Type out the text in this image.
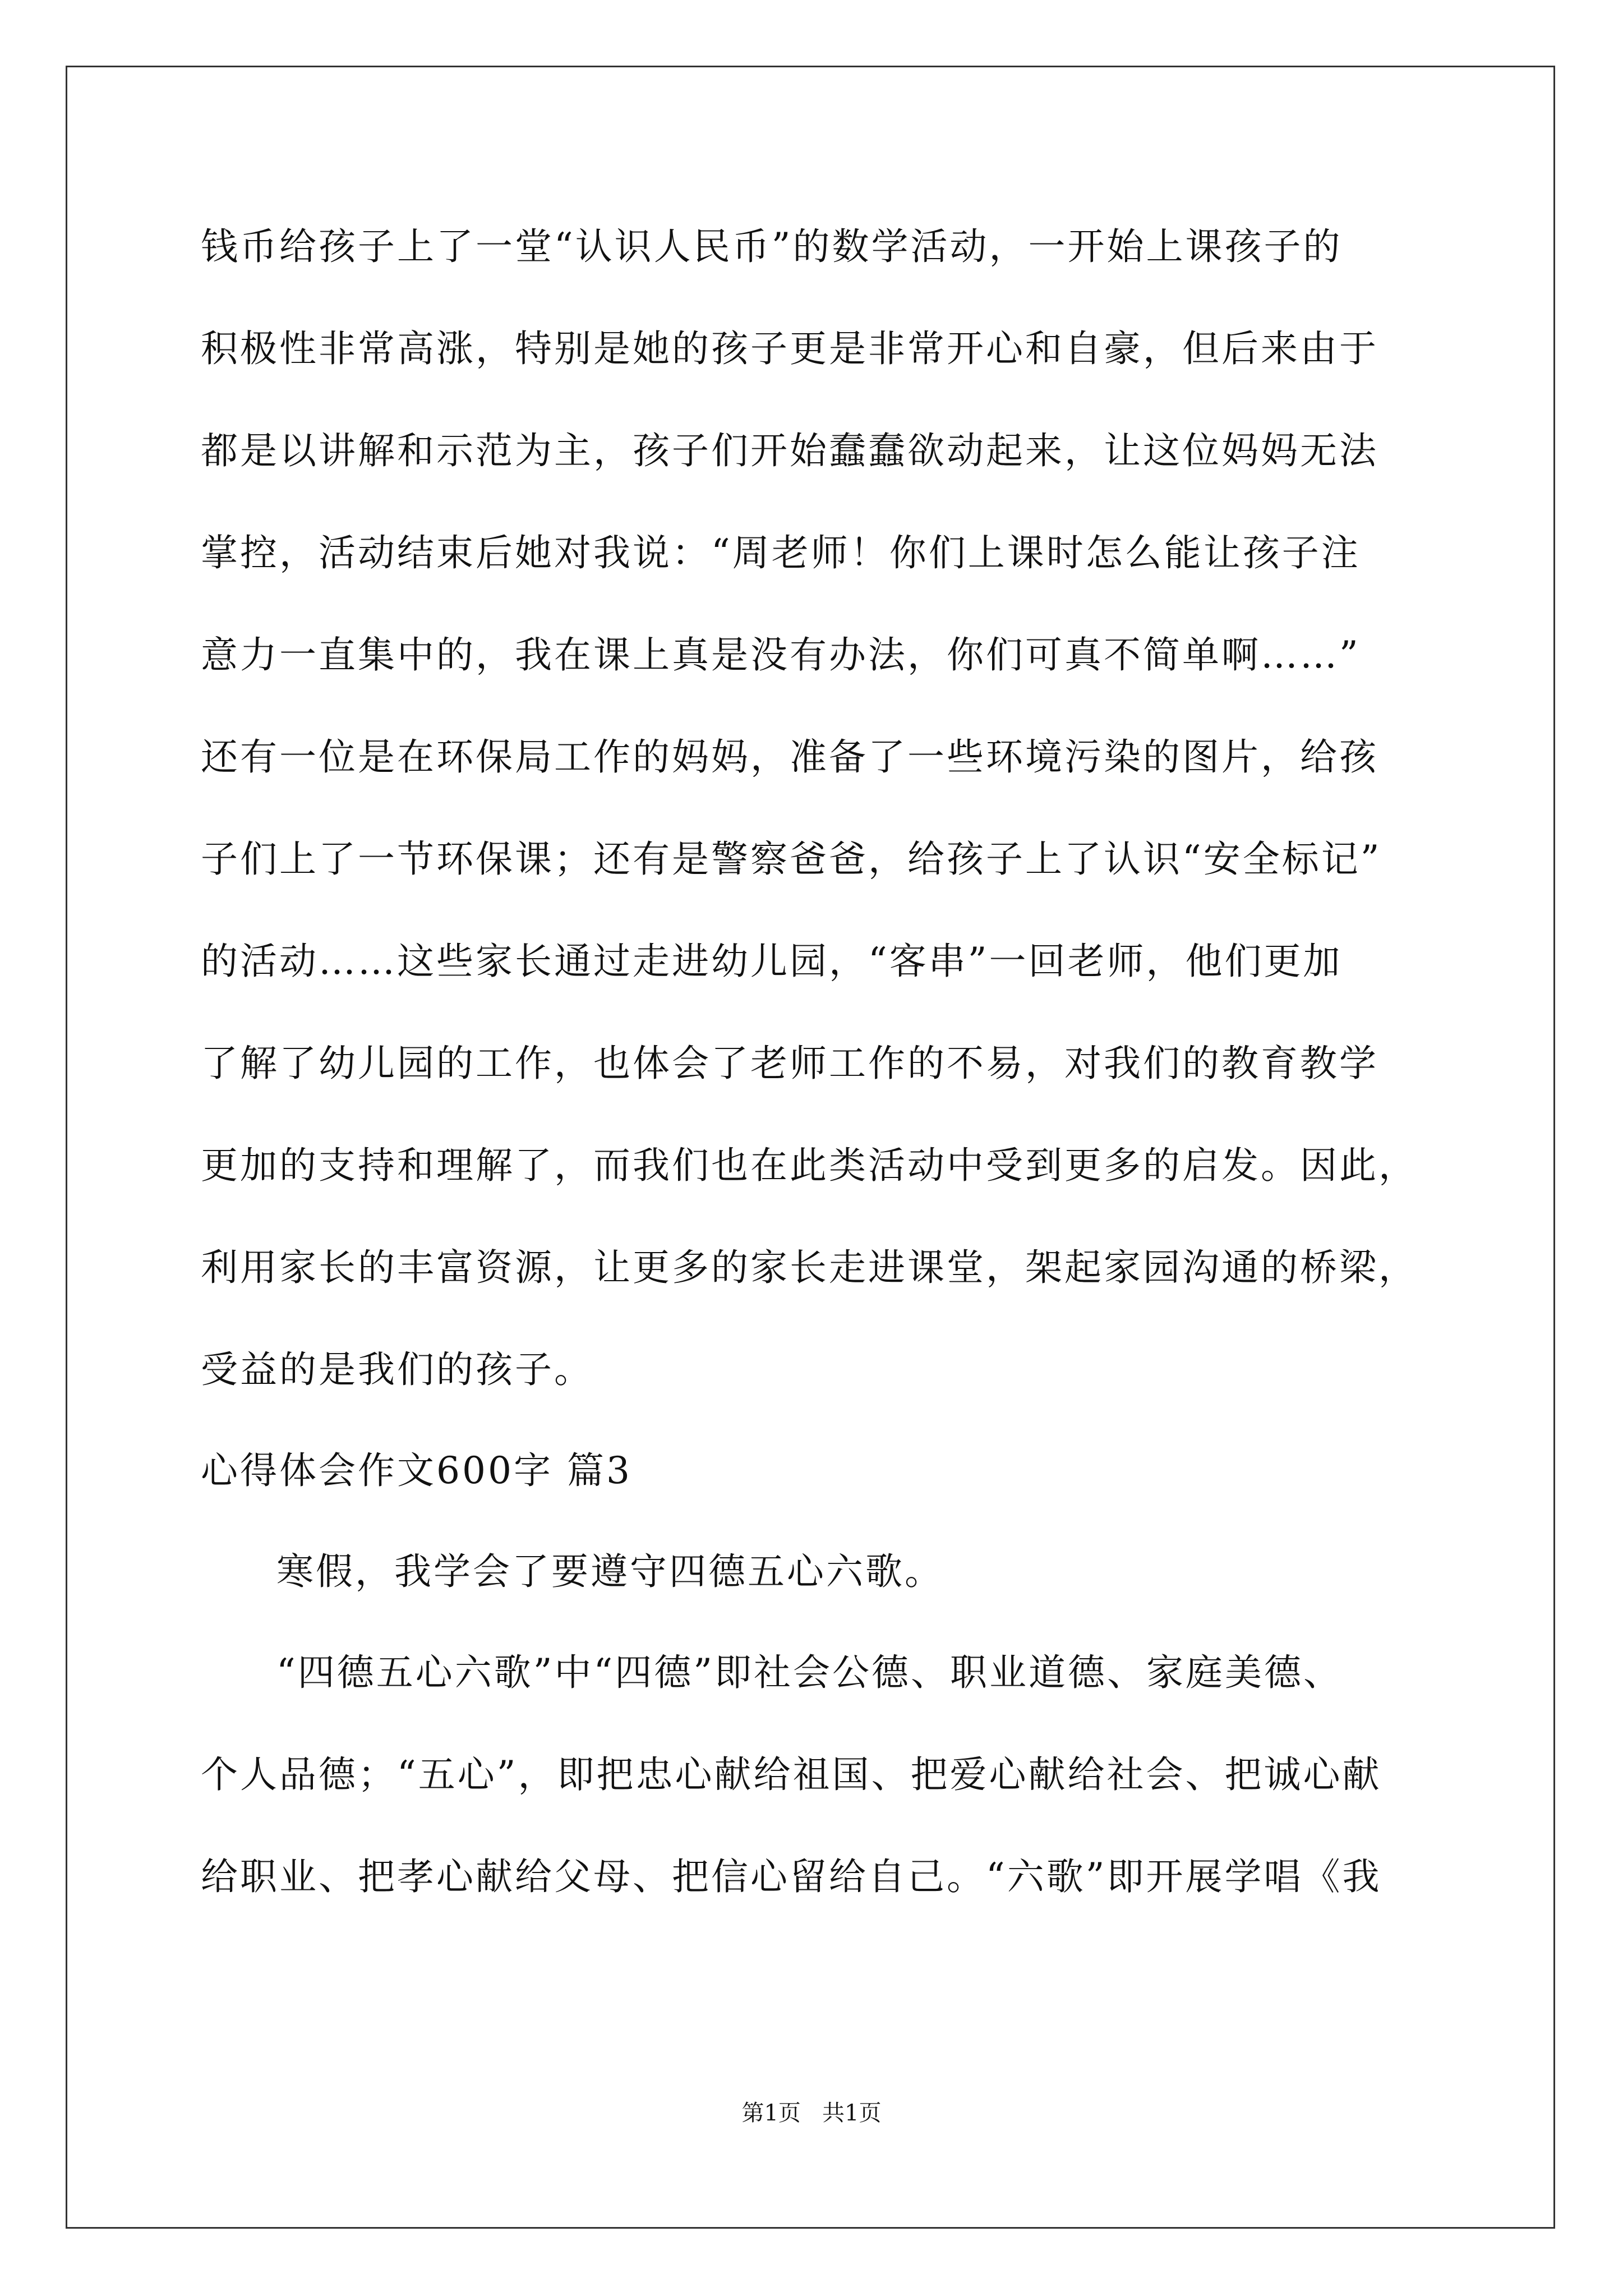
钱币给孩子上了一堂“认识人民币”的数学活动，一开始上课孩子的
积极性非常高涨，特别是她的孩子更是非常开心和自豪，但后来由于
都是以讲解和示范为主，孩子们开始蠢蠢欲动起来，让这位妈妈无法
掌控，活动结束后她对我说：“周老师！你们上课时怎么能让孩子注
意力一直集中的，我在课上真是没有办法，你们可真不简单啊……”
还有一位是在环保局工作的妈妈，准备了一些环境污染的图片，给孩
子们上了一节环保课；还有是警察爸爸，给孩子上了认识“安全标记”
的活动……这些家长通过走进幼儿园，“客串”一回老师，他们更加
了解了幼儿园的工作，也体会了老师工作的不易，对我们的教育教学
更加的支持和理解了，而我们也在此类活动中受到更多的启发。因此，
利用家长的丰富资源，让更多的家长走进课堂，架起家园沟通的桥梁，
受益的是我们的孩子。
心得体会作文600字 篇3
寒假，我学会了要遵守四德五心六歌。
“四德五心六歌”中“四德”即社会公德、职业道德、家庭美德、
个人品德；“五心”，即把忠心献给祖国、把爱心献给社会、把诚心献
给职业、把孝心献给父母、把信心留给自己。“六歌”即开展学唱《我
第1页   共1页
